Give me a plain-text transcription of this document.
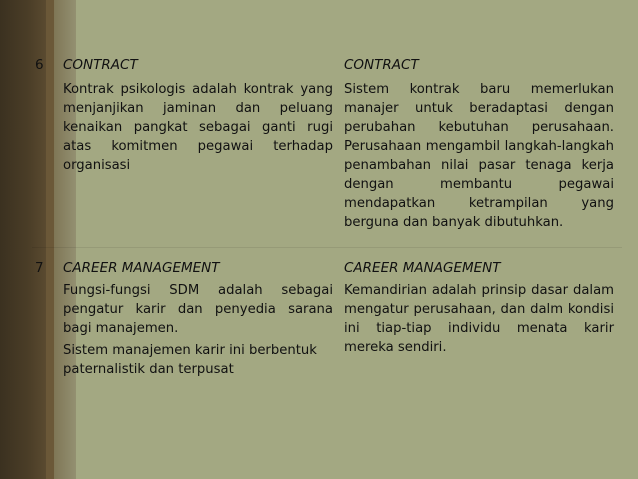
6 CONTRACT	CONTRACT
Kontrak psikologis adalah kontrak yang menjanjikan jaminan dan peluang kenaikan pangkat sebagai ganti rugi atas komitmen pegawai terhadap organisasi
Sistem kontrak baru memerlukan manajer untuk beradaptasi dengan perubahan kebutuhan perusahaan. Perusahaan mengambil langkah-langkah penambahan nilai pasar tenaga kerja dengan membantu pegawai mendapatkan ketrampilan yang berguna dan banyak dibutuhkan.
7 CAREER MANAGEMENT	CAREER MANAGEMENT
Fungsi-fungsi SDM adalah sebagai pengatur karir dan penyedia sarana bagi manajemen.
Sistem manajemen karir ini berbentuk paternalistik dan terpusat
Kemandirian adalah prinsip dasar dalam mengatur perusahaan, dan dalm kondisi ini tiap-tiap individu menata karir mereka sendiri.
